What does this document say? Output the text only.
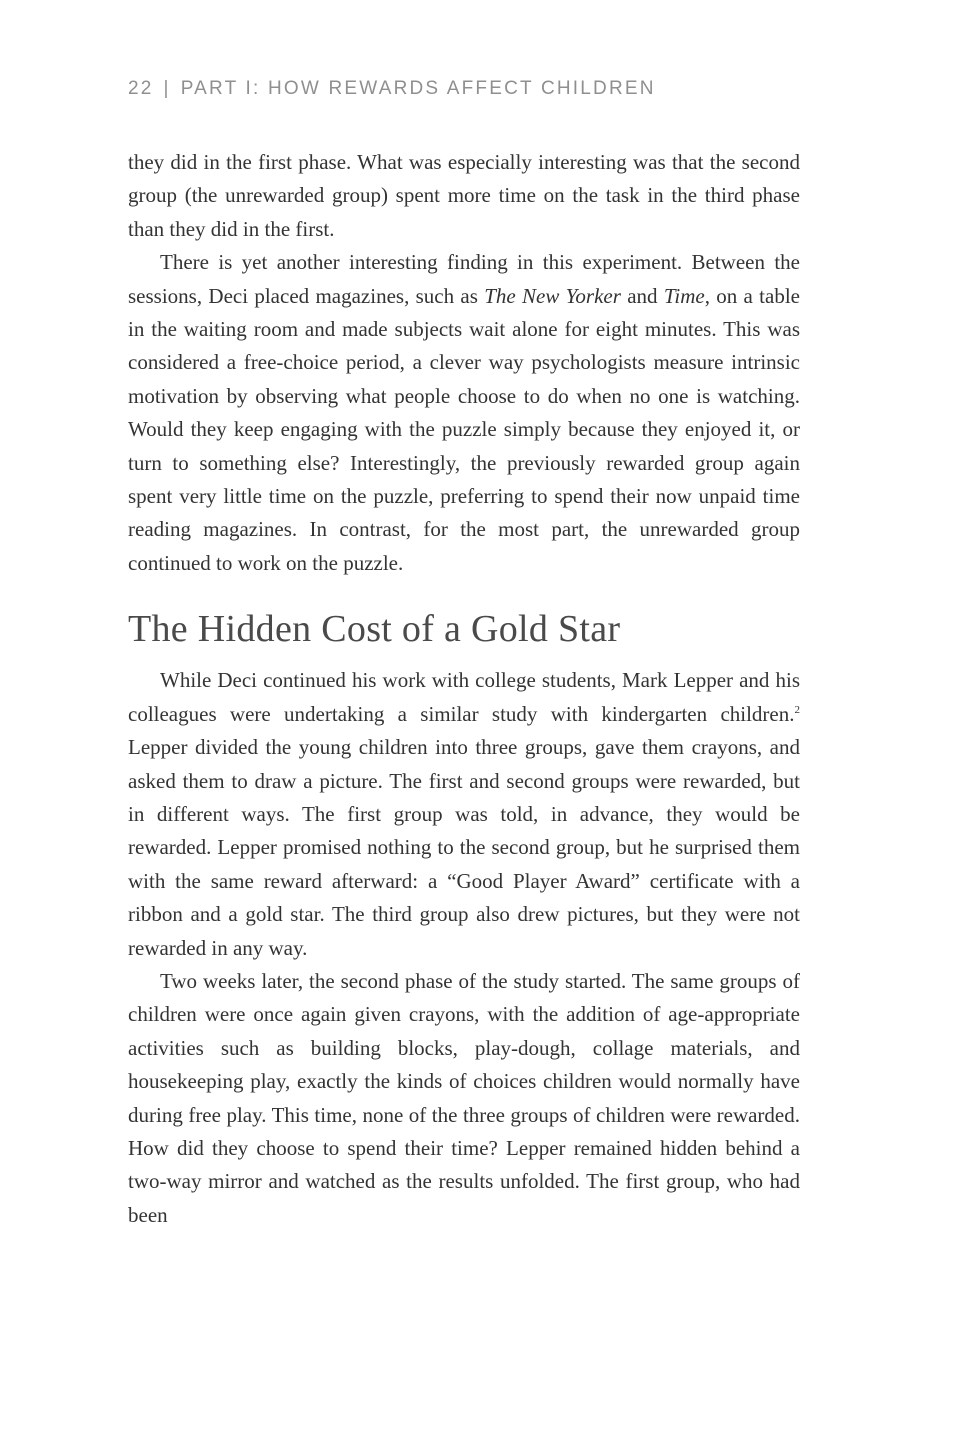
22 | PART I: HOW REWARDS AFFECT CHILDREN

they did in the first phase. What was especially interesting was that the second group (the unrewarded group) spent more time on the task in the third phase than they did in the first.

There is yet another interesting finding in this experiment. Between the sessions, Deci placed magazines, such as The New Yorker and Time, on a table in the waiting room and made subjects wait alone for eight minutes. This was considered a free-choice period, a clever way psychologists measure intrinsic motivation by observing what people choose to do when no one is watching. Would they keep engaging with the puzzle simply because they enjoyed it, or turn to something else? Interestingly, the previously rewarded group again spent very little time on the puzzle, preferring to spend their now unpaid time reading magazines. In contrast, for the most part, the unrewarded group continued to work on the puzzle.

The Hidden Cost of a Gold Star

While Deci continued his work with college students, Mark Lepper and his colleagues were undertaking a similar study with kindergarten children.$^2$ Lepper divided the young children into three groups, gave them crayons, and asked them to draw a picture. The first and second groups were rewarded, but in different ways. The first group was told, in advance, they would be rewarded. Lepper promised nothing to the second group, but he surprised them with the same reward afterward: a “Good Player Award” certificate with a ribbon and a gold star. The third group also drew pictures, but they were not rewarded in any way.

Two weeks later, the second phase of the study started. The same groups of children were once again given crayons, with the addition of age-appropriate activities such as building blocks, play-dough, collage materials, and housekeeping play, exactly the kinds of choices children would normally have during free play. This time, none of the three groups of children were rewarded. How did they choose to spend their time? Lepper remained hidden behind a two-way mirror and watched as the results unfolded. The first group, who had been
